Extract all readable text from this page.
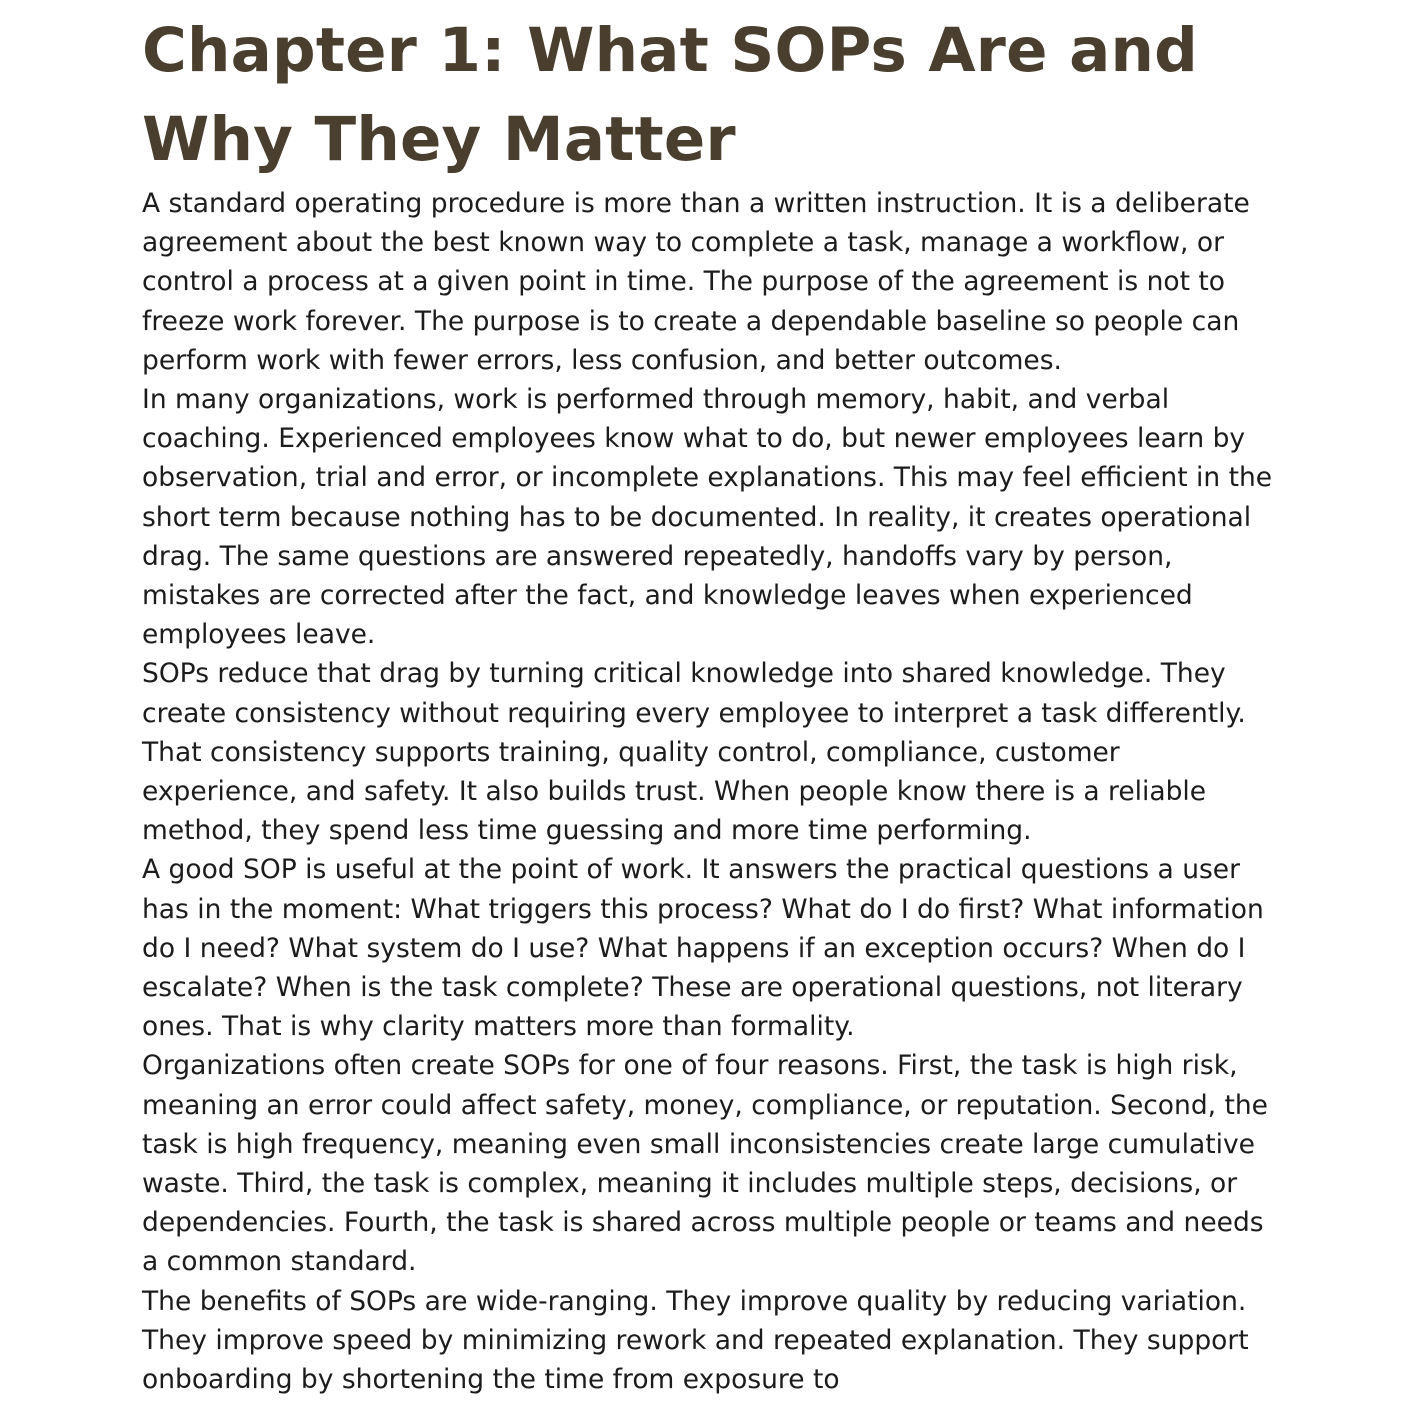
Chapter 1: What SOPs Are and Why They Matter

A standard operating procedure is more than a written instruction. It is a deliberate agreement about the best known way to complete a task, manage a workflow, or control a process at a given point in time. The purpose of the agreement is not to freeze work forever. The purpose is to create a dependable baseline so people can perform work with fewer errors, less confusion, and better outcomes.

In many organizations, work is performed through memory, habit, and verbal coaching. Experienced employees know what to do, but newer employees learn by observation, trial and error, or incomplete explanations. This may feel efficient in the short term because nothing has to be documented. In reality, it creates operational drag. The same questions are answered repeatedly, handoffs vary by person, mistakes are corrected after the fact, and knowledge leaves when experienced employees leave.

SOPs reduce that drag by turning critical knowledge into shared knowledge. They create consistency without requiring every employee to interpret a task differently. That consistency supports training, quality control, compliance, customer experience, and safety. It also builds trust. When people know there is a reliable method, they spend less time guessing and more time performing.

A good SOP is useful at the point of work. It answers the practical questions a user has in the moment: What triggers this process? What do I do first? What information do I need? What system do I use? What happens if an exception occurs? When do I escalate? When is the task complete? These are operational questions, not literary ones. That is why clarity matters more than formality.

Organizations often create SOPs for one of four reasons. First, the task is high risk, meaning an error could affect safety, money, compliance, or reputation. Second, the task is high frequency, meaning even small inconsistencies create large cumulative waste. Third, the task is complex, meaning it includes multiple steps, decisions, or dependencies. Fourth, the task is shared across multiple people or teams and needs a common standard.

The benefits of SOPs are wide-ranging. They improve quality by reducing variation. They improve speed by minimizing rework and repeated explanation. They support onboarding by shortening the time from exposure to
